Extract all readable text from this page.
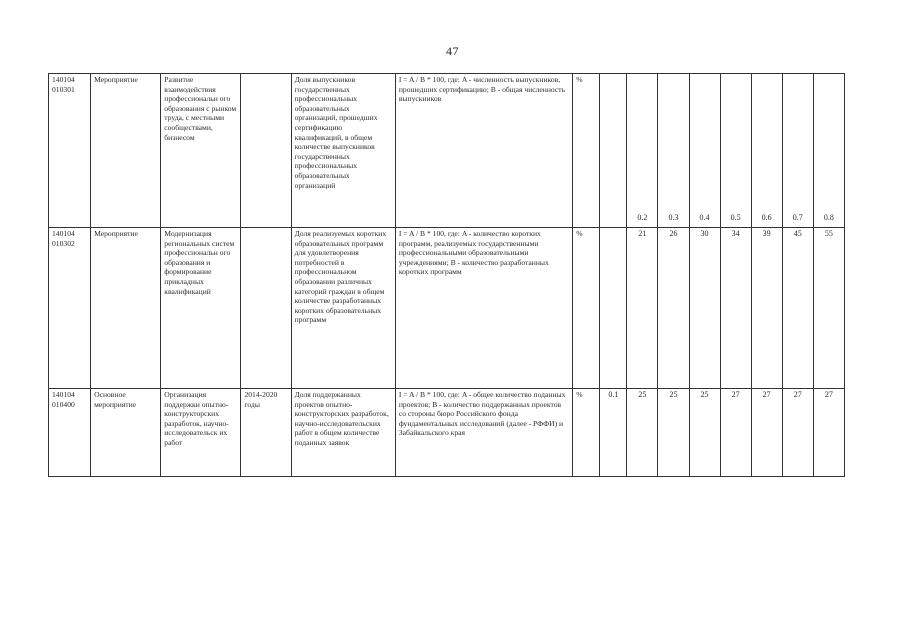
47
140104
010301	Мероприятие	Развитие взаимодействия профессиональн ого образования с рынком труда, с местными сообществами, бизнесом		Доля выпускников государственных профессиональных образовательных организаций, прошедших сертификацию квалификаций, в общем количестве выпускников государственных профессиональных образовательных организаций	I = A / B * 100, где: A - численность выпускников, прошедших сертификацию; B - общая численность выпускников	%		0.2	0.3	0.4	0.5	0.6	0.7	0.8
140104
010302	Мероприятие	Модернизация региональных систем профессиональн ого образования и формирование прикладных квалификаций		Доля реализуемых коротких образовательных программ для удовлетворения потребностей в профессиональном образовании различных категорий граждан в общем количестве разработанных коротких образовательных программ	I = A / B * 100, где: A - количество коротких программ, реализуемых государственными профессиональными образовательными учреждениями; B - количество разработанных коротких программ	%		21	26	30	34	39	45	55
140104
010400	Основное мероприятие	Организация поддержки опытно-конструкторских разработок, научно-исследовательск их работ	2014-2020 годы	Доля поддержанных проектов опытно-конструкторских разработок, научно-исследовательских работ в общем количестве поданных заявок	I = A / B * 100, где: A - общее количество поданных проектов; B - количество поддержанных проектов со стороны бюро Российского фонда фундаментальных исследований (далее - РФФИ) и Забайкальского края	%	0.1	25	25	25	27	27	27	27
